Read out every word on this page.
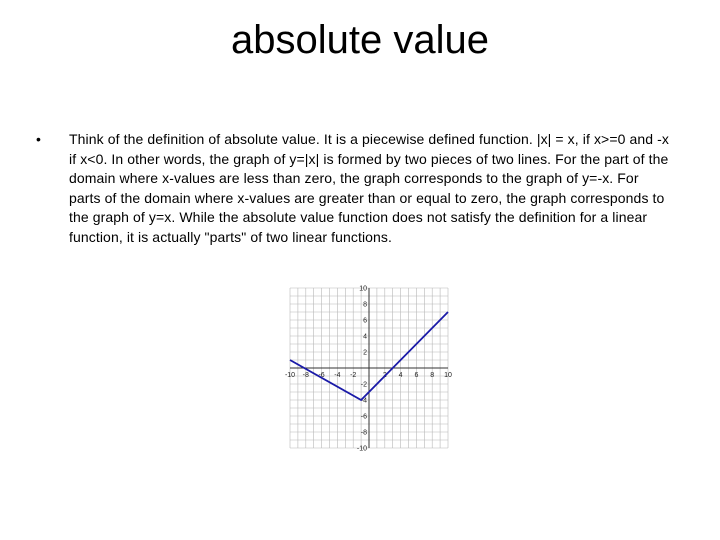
absolute value
• Think of the definition of absolute value. It is a piecewise defined function. |x| = x, if x>=0 and -x if x<0. In other words, the graph of y=|x| is formed by two pieces of two lines. For the part of the domain where x-values are less than zero, the graph corresponds to the graph of y=-x. For parts of the domain where x-values are greater than or equal to zero, the graph corresponds to the graph of y=x. While the absolute value function does not satisfy the definition for a linear function, it is actually "parts" of two linear functions.
-10 -8 -6 -4 -2	2 4 6 8 10
10
8
6
4
2
-2
-4
-6
-8
-10
